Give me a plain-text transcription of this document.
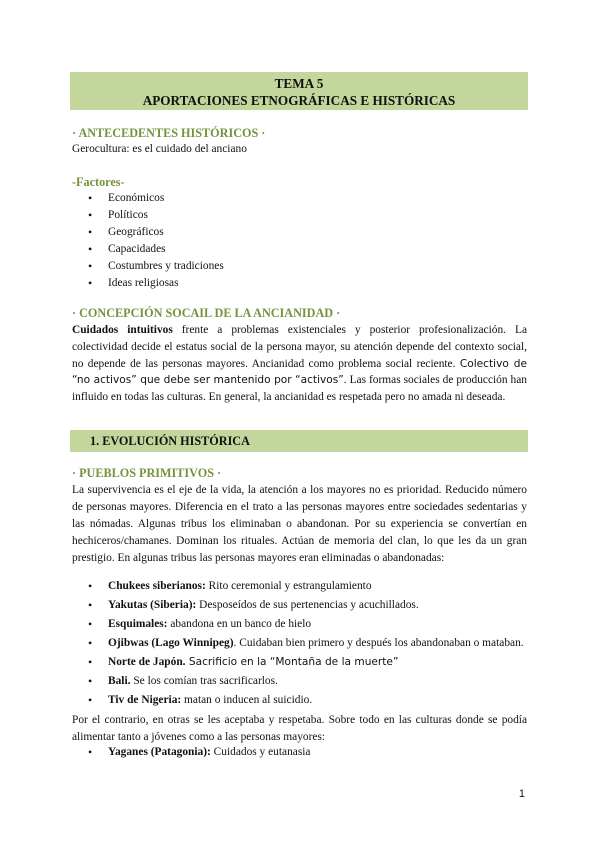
TEMA 5
APORTACIONES ETNOGRÁFICAS E HISTÓRICAS
· ANTECEDENTES HISTÓRICOS ·
Gerocultura: es el cuidado del anciano
-Factores-
• Económicos
• Políticos
• Geográficos
• Capacidades
• Costumbres y tradiciones
• Ideas religiosas
· CONCEPCIÓN SOCAIL DE LA ANCIANIDAD ·

Cuidados intuitivos frente a problemas existenciales y posterior profesionalización. La colectividad decide el estatus social de la persona mayor, su atención depende del contexto social, no depende de las personas mayores. Ancianidad como problema social reciente. Colectivo de “no activos” que debe ser mantenido por “activos”. Las formas sociales de producción han influido en todas las culturas. En general, la ancianidad es respetada pero no amada ni deseada.

1. EVOLUCIÓN HISTÓRICA
· PUEBLOS PRIMITIVOS ·

La supervivencia es el eje de la vida, la atención a los mayores no es prioridad. Reducido número de personas mayores. Diferencia en el trato a las personas mayores entre sociedades sedentarias y las nómadas. Algunas tribus los eliminaban o abandonan. Por su experiencia se convertían en hechiceros/chamanes. Dominan los rituales. Actúan de memoria del clan, lo que les da un gran prestigio. En algunas tribus las personas mayores eran eliminadas o abandonadas:

• Chukees siberianos: Rito ceremonial y estrangulamiento
• Yakutas (Siberia): Desposeídos de sus pertenencias y acuchillados.
• Esquimales: abandona en un banco de hielo
• Ojibwas (Lago Winnipeg). Cuidaban bien primero y después los abandonaban o mataban.
• Norte de Japón. Sacrificio en la “Montaña de la muerte”
• Bali. Se los comían tras sacrificarlos.
• Tiv de Nigeria: matan o inducen al suicidio.

Por el contrario, en otras se les aceptaba y respetaba. Sobre todo en las culturas donde se podía alimentar tanto a jóvenes como a las personas mayores:

• Yaganes (Patagonia): Cuidados y eutanasia
1
